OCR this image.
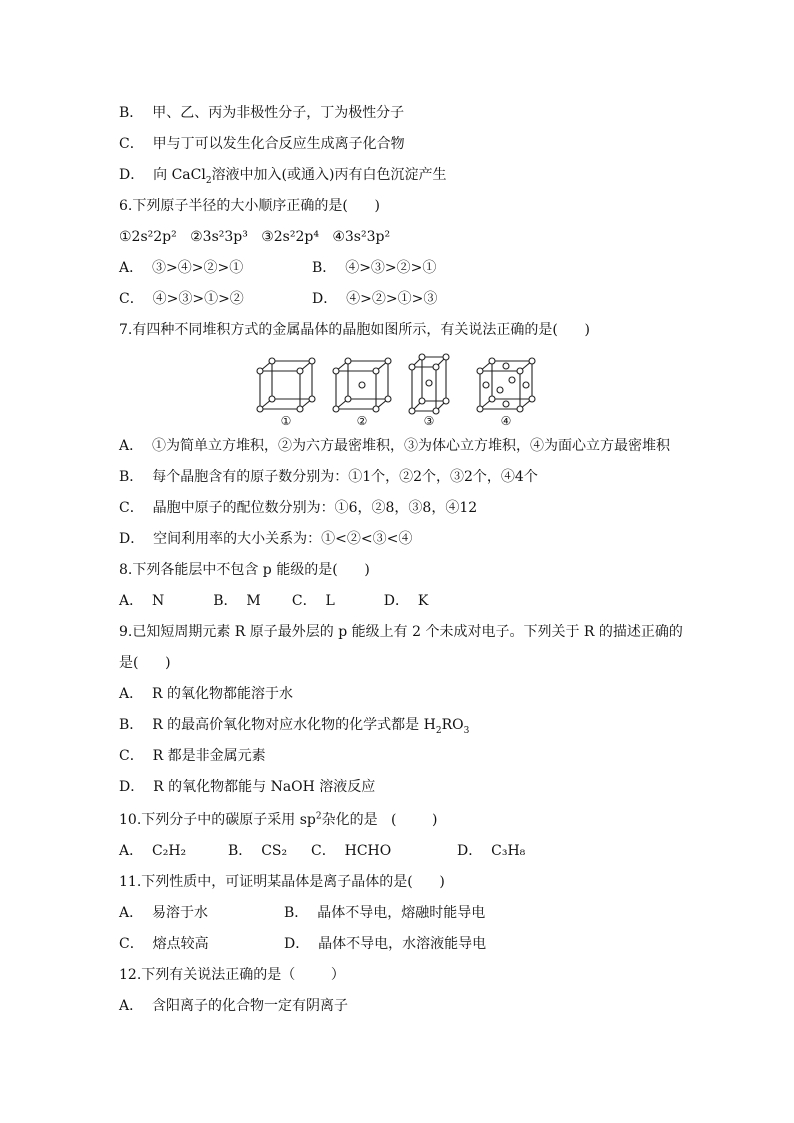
B．  甲、乙、丙为非极性分子，丁为极性分子
C．  甲与丁可以发生化合反应生成离子化合物
D．  向 CaCl$_2$溶液中加入(或通入)丙有白色沉淀产生
6.下列原子半径的大小顺序正确的是(      )
①2s²2p² ②3s²3p³ ③2s²2p⁴ ④3s²3p²
A．  ③>④>②>①	B．  ④>③>②>①
C．  ④>③>①>②	D．  ④>②>①>③
7.有四种不同堆积方式的金属晶体的晶胞如图所示，有关说法正确的是(      )
①	②	③	④
A．  ①为简单立方堆积，②为六方最密堆积，③为体心立方堆积，④为面心立方最密堆积
B．  每个晶胞含有的原子数分别为：①1个，②2个，③2个，④4个
C．  晶胞中原子的配位数分别为：①6，②8，③8，④12
D．  空间利用率的大小关系为：①<②<③<④
8.下列各能层中不包含 p 能级的是(      )
A．  N           B．  M       C．  L           D．  K
9.已知短周期元素 R 原子最外层的 p 能级上有 2 个未成对电子。下列关于 R 的描述正确的
是(      )
A．  R 的氧化物都能溶于水
B．  R 的最高价氧化物对应水化物的化学式都是 $H_2RO_3$
C．  R 都是非金属元素
D．  R 的氧化物都能与 NaOH 溶液反应
10.下列分子中的碳原子采用 $sp^2$杂化的是   (        )
A．  C₂H₂	B．  CS₂ C．  HCHO	D．  C₃H₈
11.下列性质中，可证明某晶体是离子晶体的是(      )
A．  易溶于水	B．  晶体不导电，熔融时能导电
C．  熔点较高	D．  晶体不导电，水溶液能导电
12.下列有关说法正确的是（        ）
A．  含阳离子的化合物一定有阴离子
